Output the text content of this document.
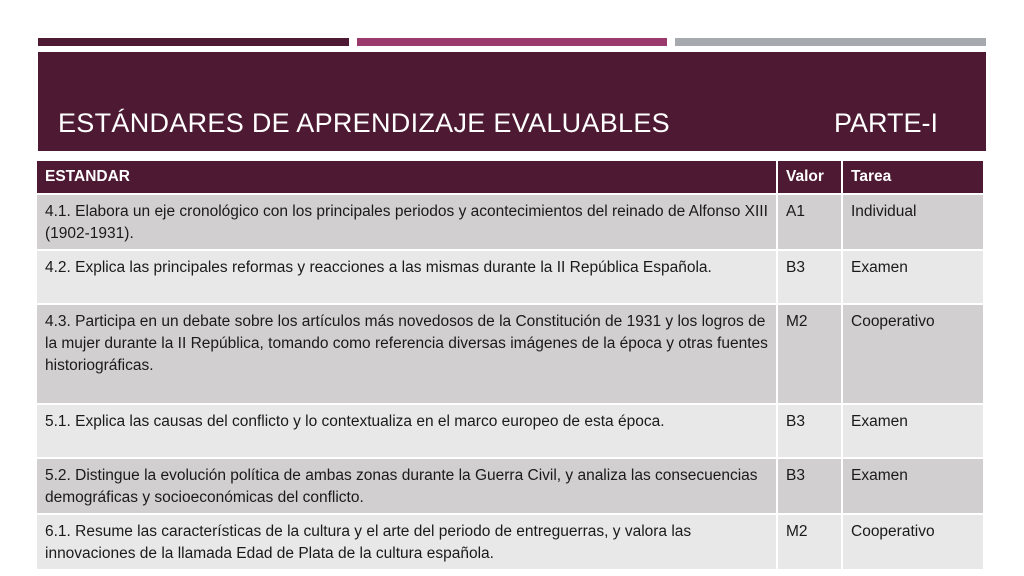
ESTÁNDARES DE APRENDIZAJE EVALUABLES	PARTE-I
ESTANDAR	Valor	Tarea
4.1. Elabora un eje cronológico con los principales periodos y acontecimientos del reinado de Alfonso XIII (1902-1931).	A1	Individual
4.2. Explica las principales reformas y reacciones a las mismas durante la II República Española.	B3	Examen
4.3. Participa en un debate sobre los artículos más novedosos de la Constitución de 1931 y los logros de la mujer durante la II República, tomando como referencia diversas imágenes de la época y otras fuentes historiográficas.	M2	Cooperativo
5.1. Explica las causas del conflicto y lo contextualiza en el marco europeo de esta época.	B3	Examen
5.2. Distingue la evolución política de ambas zonas durante la Guerra Civil, y analiza las consecuencias demográficas y socioeconómicas del conflicto.	B3	Examen
6.1. Resume las características de la cultura y el arte del periodo de entreguerras, y valora las innovaciones de la llamada Edad de Plata de la cultura española.	M2	Cooperativo
